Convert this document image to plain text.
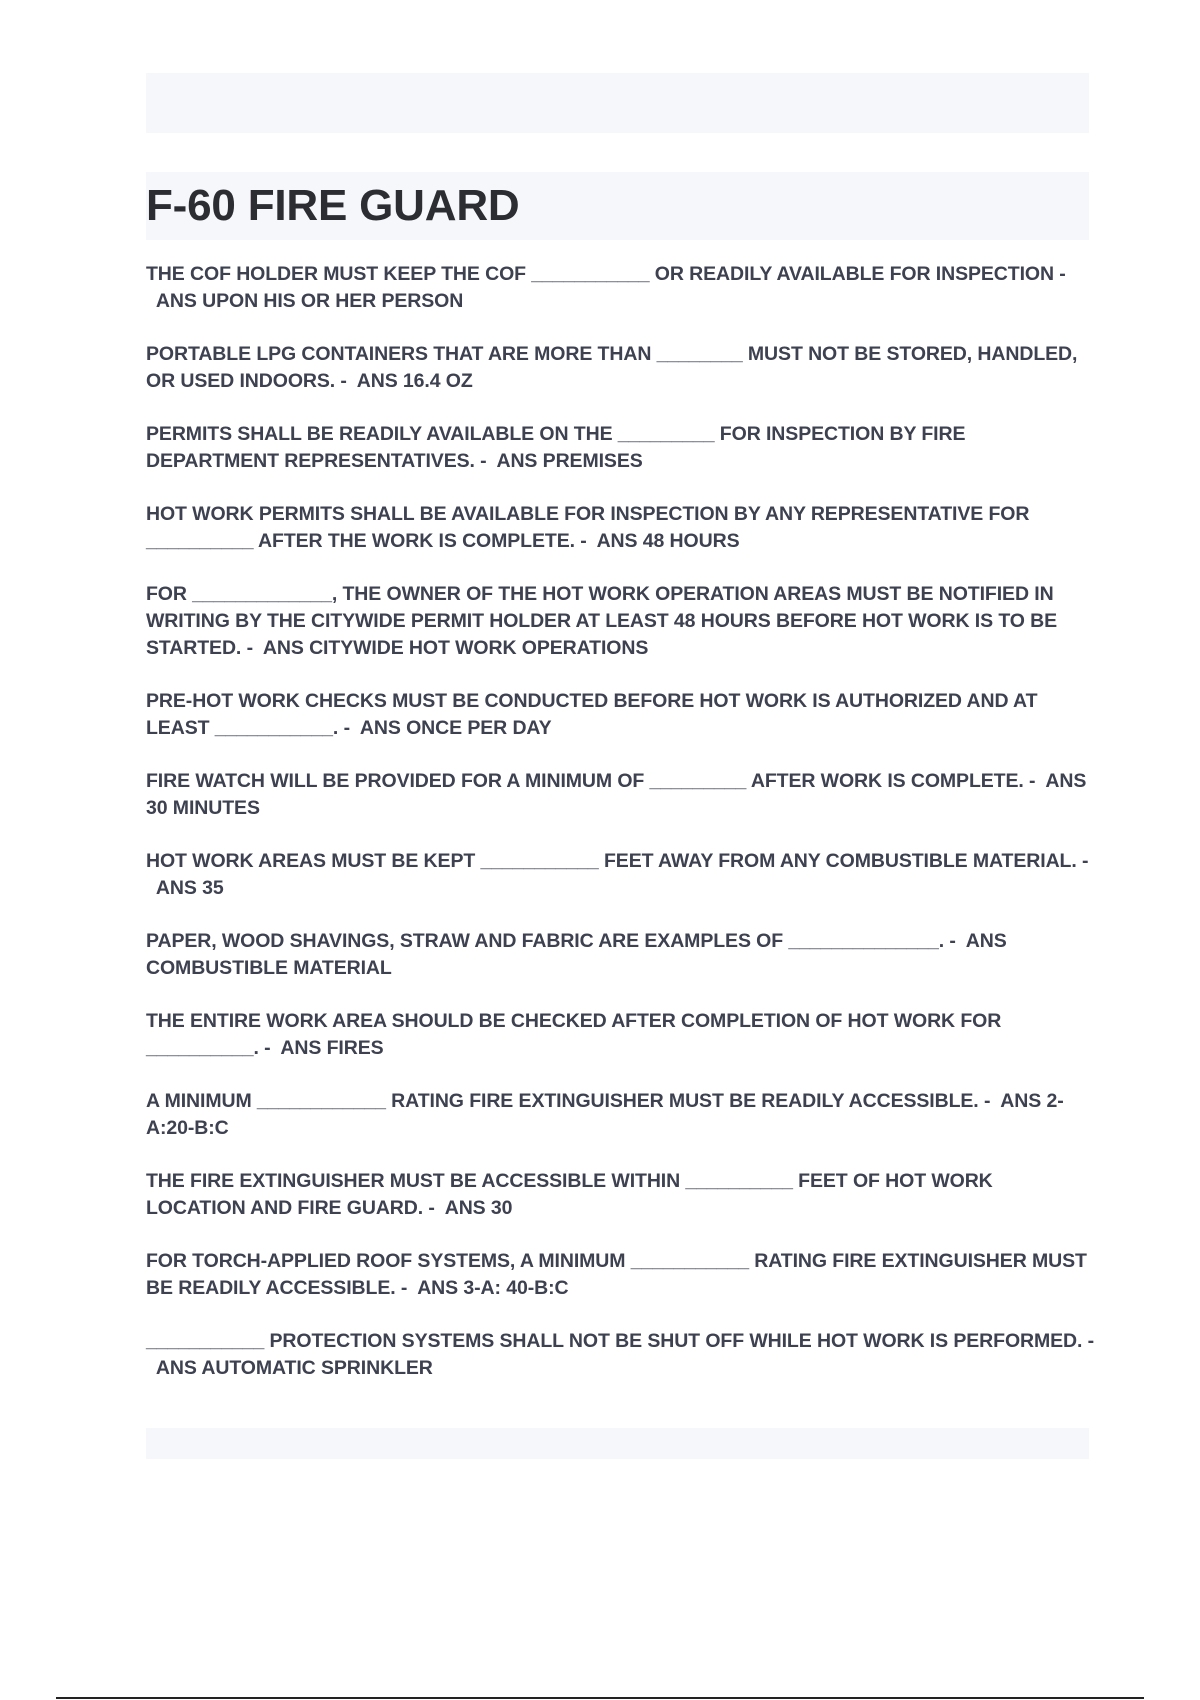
F-60 FIRE GUARD

THE COF HOLDER MUST KEEP THE COF ___________ OR READILY AVAILABLE FOR INSPECTION -  ANS UPON HIS OR HER PERSON

PORTABLE LPG CONTAINERS THAT ARE MORE THAN ________ MUST NOT BE STORED, HANDLED, OR USED INDOORS. - ANS 16.4 OZ

PERMITS SHALL BE READILY AVAILABLE ON THE _________ FOR INSPECTION BY FIRE DEPARTMENT REPRESENTATIVES. - ANS PREMISES

HOT WORK PERMITS SHALL BE AVAILABLE FOR INSPECTION BY ANY REPRESENTATIVE FOR __________ AFTER THE WORK IS COMPLETE. - ANS 48 HOURS

FOR _____________, THE OWNER OF THE HOT WORK OPERATION AREAS MUST BE NOTIFIED IN WRITING BY THE CITYWIDE PERMIT HOLDER AT LEAST 48 HOURS BEFORE HOT WORK IS TO BE STARTED. - ANS CITYWIDE HOT WORK OPERATIONS

PRE-HOT WORK CHECKS MUST BE CONDUCTED BEFORE HOT WORK IS AUTHORIZED AND AT LEAST ___________. - ANS ONCE PER DAY

FIRE WATCH WILL BE PROVIDED FOR A MINIMUM OF _________ AFTER WORK IS COMPLETE. - ANS 30 MINUTES

HOT WORK AREAS MUST BE KEPT ___________ FEET AWAY FROM ANY COMBUSTIBLE MATERIAL. -  ANS 35

PAPER, WOOD SHAVINGS, STRAW AND FABRIC ARE EXAMPLES OF ______________. - ANS COMBUSTIBLE MATERIAL

THE ENTIRE WORK AREA SHOULD BE CHECKED AFTER COMPLETION OF HOT WORK FOR __________. - ANS FIRES

A MINIMUM ____________ RATING FIRE EXTINGUISHER MUST BE READILY ACCESSIBLE. - ANS 2-A:20-B:C

THE FIRE EXTINGUISHER MUST BE ACCESSIBLE WITHIN __________ FEET OF HOT WORK LOCATION AND FIRE GUARD. - ANS 30

FOR TORCH-APPLIED ROOF SYSTEMS, A MINIMUM ___________ RATING FIRE EXTINGUISHER MUST BE READILY ACCESSIBLE. - ANS 3-A: 40-B:C

___________ PROTECTION SYSTEMS SHALL NOT BE SHUT OFF WHILE HOT WORK IS PERFORMED. -  ANS AUTOMATIC SPRINKLER
